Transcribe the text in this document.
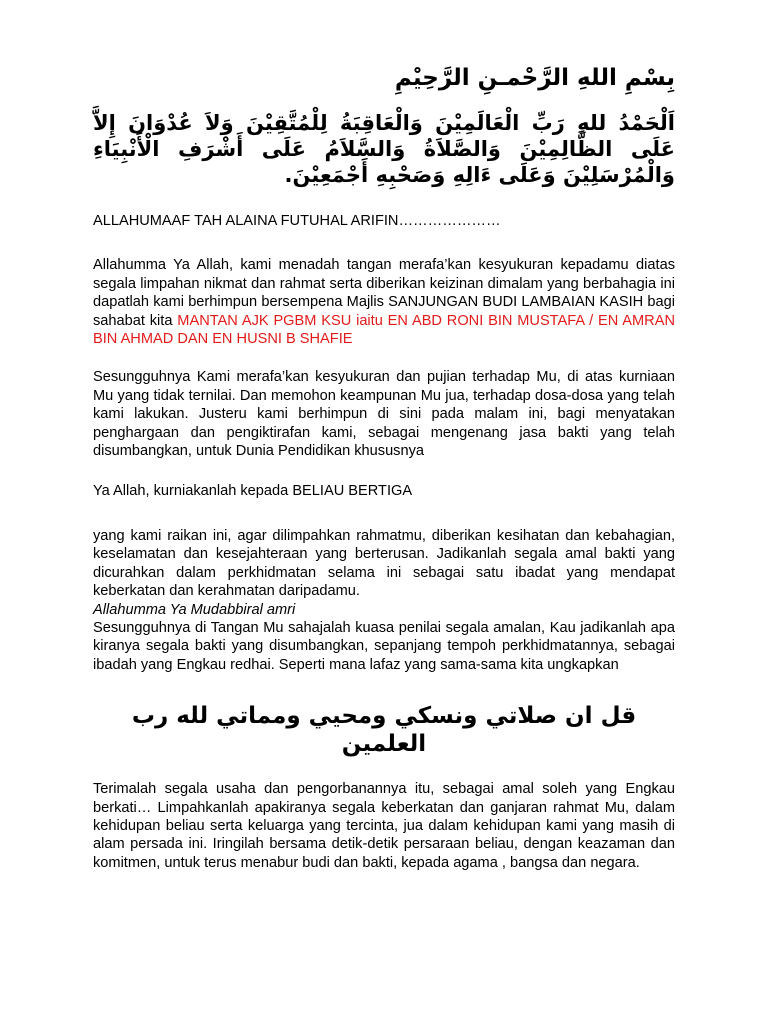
بِسْمِ اللهِ الرَّحْمـنِ الرَّحِيْمِ

اَلْحَمْدُ للهِ رَبِّ الْعَالَمِيْنَ وَالْعَاقِبَةُ لِلْمُتَّقِيْنَ وَلاَ عُدْوَانَ إِلاَّ عَلَى الظَّالِمِيْنَ وَالصَّلاَةُ وَالسَّلاَمُ عَلَى أَشْرَفِ الْأَنْبِيَاءِ وَالْمُرْسَلِيْنَ وَعَلَى ءَالِهِ وَصَحْبِهِ أَجْمَعِيْنَ.

ALLAHUMAAF TAH ALAINA FUTUHAL ARIFIN…………………

Allahumma Ya Allah, kami menadah tangan merafa’kan kesyukuran kepadamu diatas segala limpahan nikmat dan rahmat serta diberikan keizinan dimalam yang berbahagia ini dapatlah kami berhimpun bersempena Majlis SANJUNGAN BUDI LAMBAIAN KASIH bagi sahabat kita MANTAN AJK PGBM KSU iaitu EN ABD RONI BIN MUSTAFA / EN AMRAN BIN AHMAD DAN EN HUSNI B SHAFIE

Sesungguhnya Kami merafa’kan kesyukuran dan pujian terhadap Mu, di atas kurniaan Mu yang tidak ternilai. Dan memohon keampunan Mu jua, terhadap dosa-dosa yang telah kami lakukan. Justeru kami berhimpun di sini pada malam ini, bagi menyatakan penghargaan dan pengiktirafan kami, sebagai mengenang jasa bakti yang telah disumbangkan, untuk Dunia Pendidikan khususnya

Ya Allah, kurniakanlah kepada BELIAU BERTIGA

yang kami raikan ini, agar dilimpahkan rahmatmu, diberikan kesihatan dan kebahagian, keselamatan dan kesejahteraan yang berterusan. Jadikanlah segala amal bakti yang dicurahkan dalam perkhidmatan selama ini sebagai satu ibadat yang mendapat keberkatan dan kerahmatan daripadamu.

Allahumma Ya Mudabbiral amri

Sesungguhnya di Tangan Mu sahajalah kuasa penilai segala amalan, Kau jadikanlah apa kiranya segala bakti yang disumbangkan, sepanjang tempoh perkhidmatannya, sebagai ibadah yang Engkau redhai. Seperti mana lafaz yang sama-sama kita ungkapkan

قل ان صلاتي ونسكي ومحيي ومماتي لله رب العلمين

Terimalah segala usaha dan pengorbanannya itu, sebagai amal soleh yang Engkau berkati… Limpahkanlah apakiranya segala keberkatan dan ganjaran rahmat Mu, dalam kehidupan beliau serta keluarga yang tercinta, jua dalam kehidupan kami yang masih di alam persada ini. Iringilah bersama detik-detik persaraan beliau, dengan keazaman dan komitmen, untuk terus menabur budi dan bakti, kepada agama , bangsa dan negara.
